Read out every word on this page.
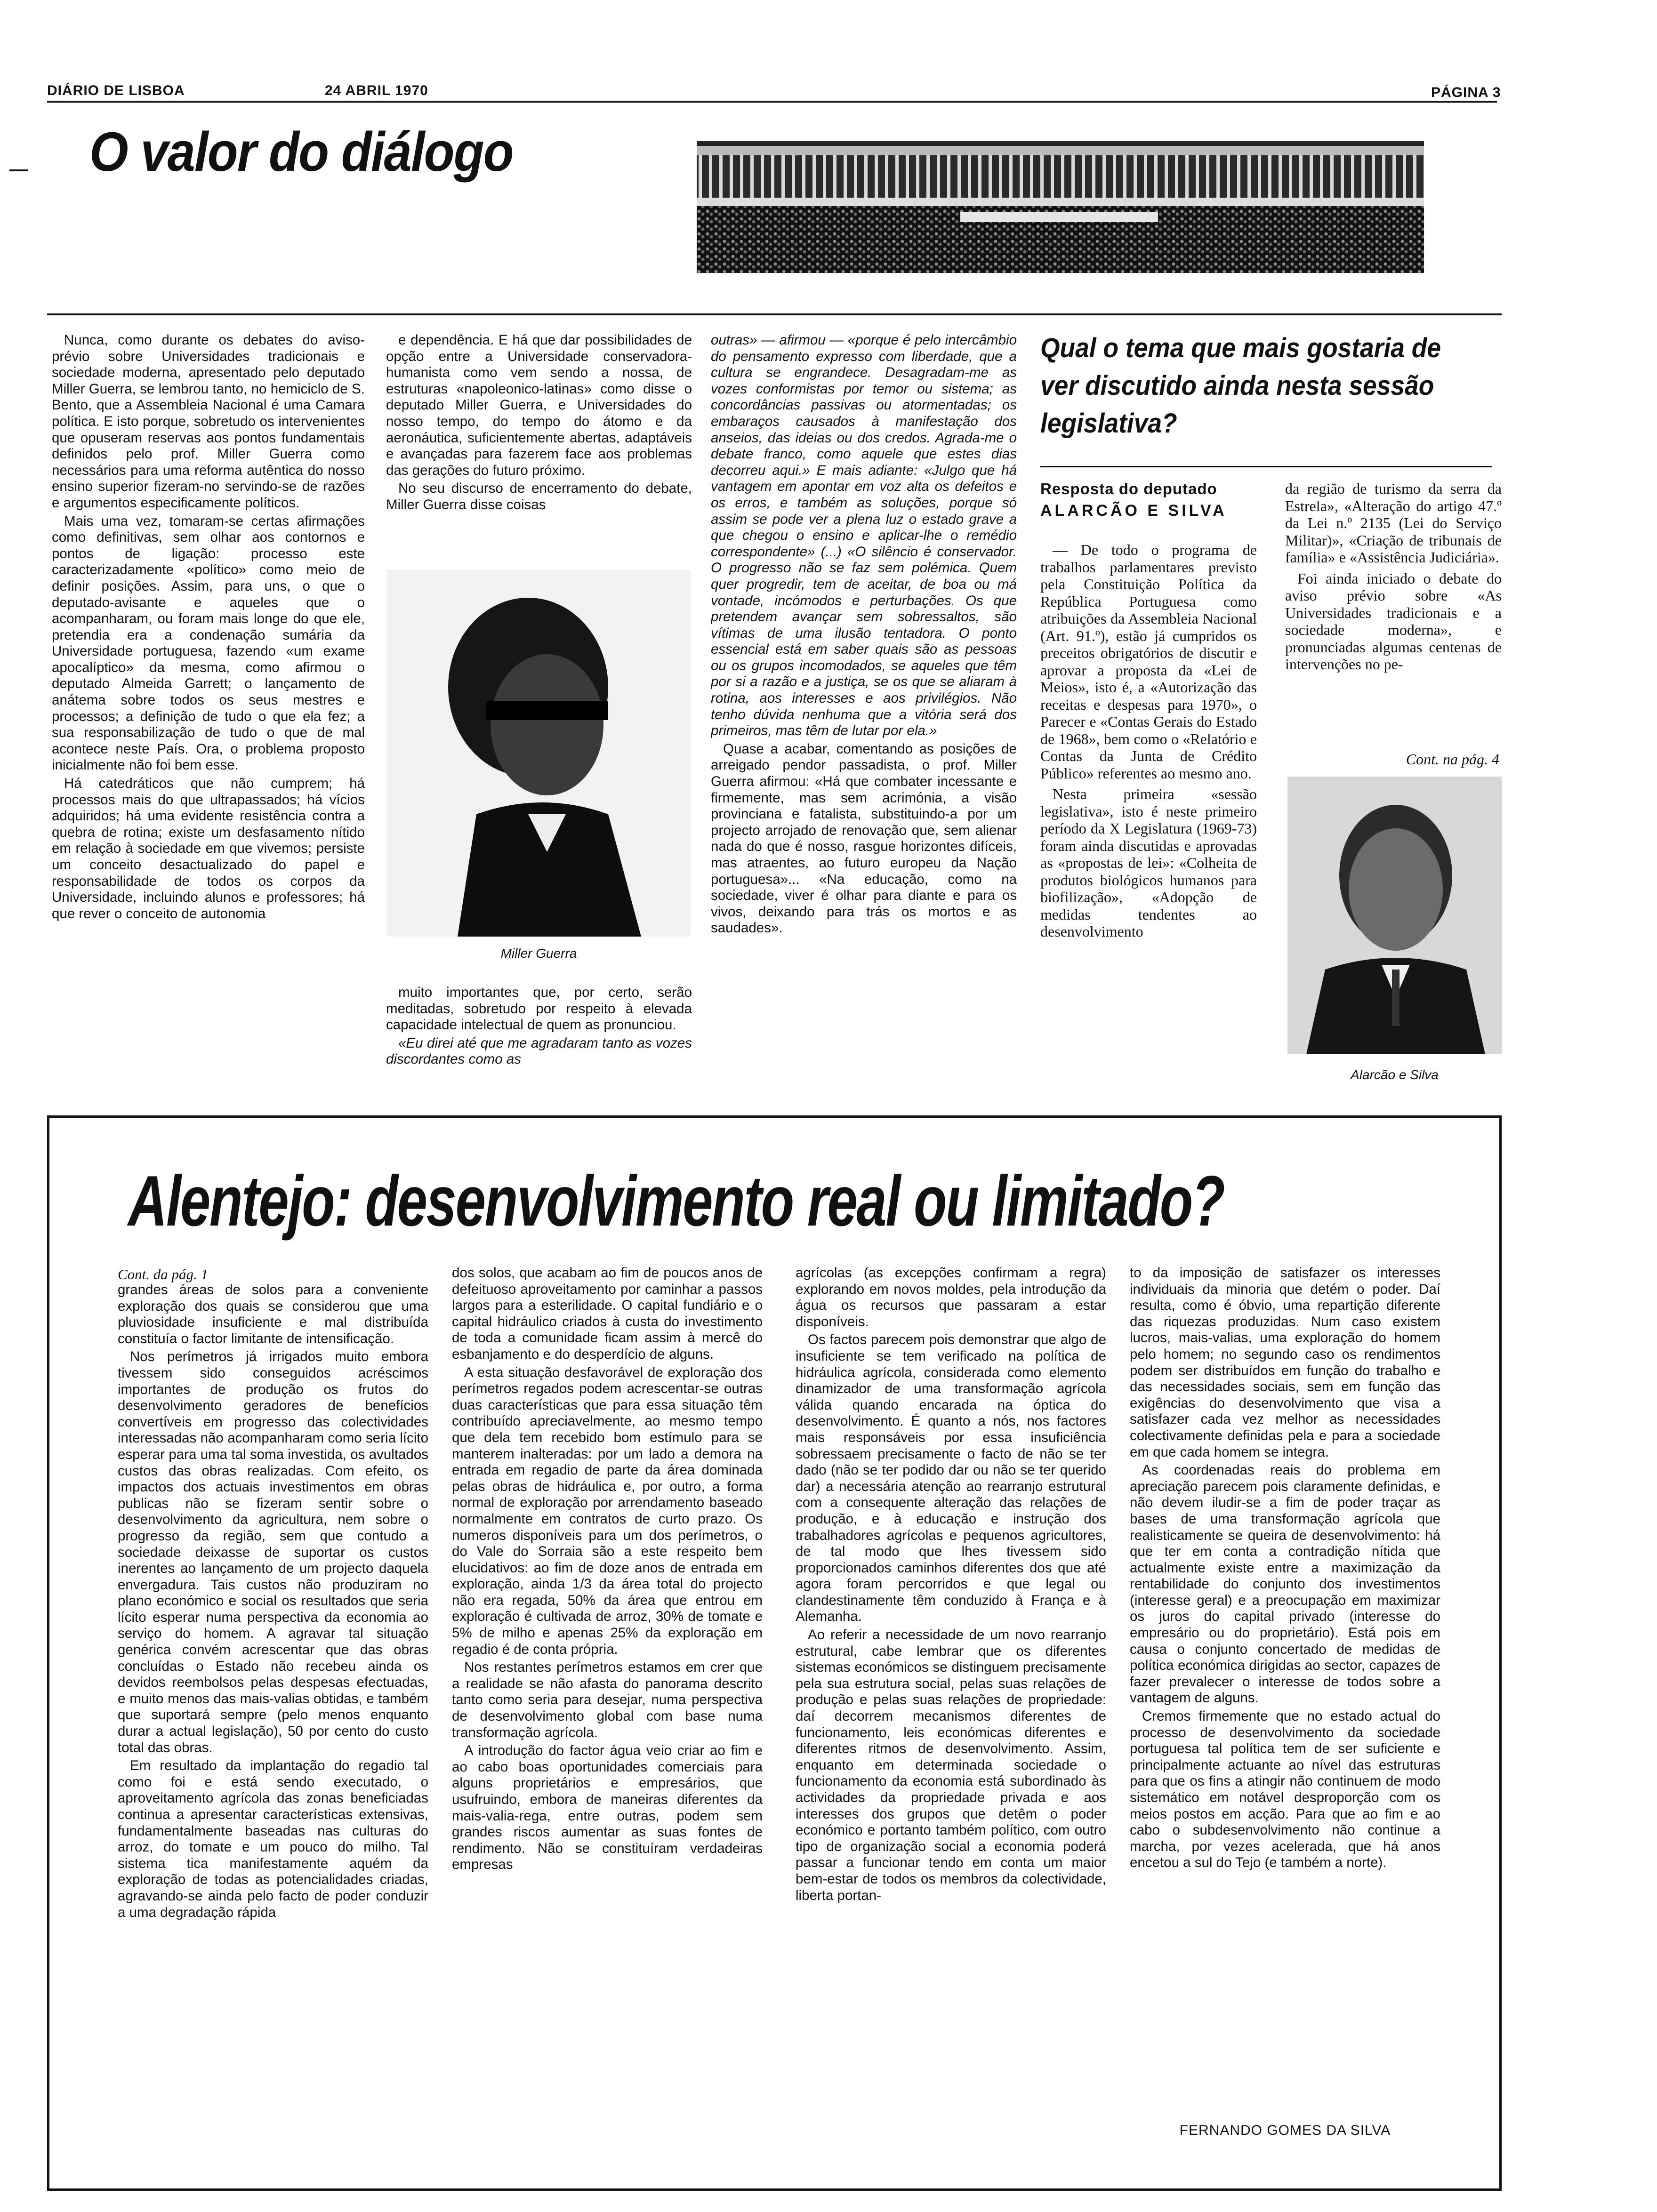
DIÁRIO DE LISBOA	24 ABRIL 1970	PÁGINA 3
O valor do diálogo

Nunca, como durante os debates do aviso-prévio sobre Universidades tradicionais e sociedade moderna, apresentado pelo deputado Miller Guerra, se lembrou tanto, no hemiciclo de S. Bento, que a Assembleia Nacional é uma Camara política. E isto porque, sobretudo os intervenientes que opuseram reservas aos pontos fundamentais definidos pelo prof. Miller Guerra como necessários para uma reforma autêntica do nosso ensino superior fizeram-no servindo-se de razões e argumentos especificamente políticos.

Mais uma vez, tomaram-se certas afirmações como definitivas, sem olhar aos contornos e pontos de ligação: processo este caracterizadamente «político» como meio de definir posições. Assim, para uns, o que o deputado-avisante e aqueles que o acompanharam, ou foram mais longe do que ele, pretendia era a condenação sumária da Universidade portuguesa, fazendo «um exame apocalíptico» da mesma, como afirmou o deputado Almeida Garrett; o lançamento de anátema sobre todos os seus mestres e processos; a definição de tudo o que ela fez; a sua responsabilização de tudo o que de mal acontece neste País. Ora, o problema proposto inicialmente não foi bem esse.

Há catedráticos que não cumprem; há processos mais do que ultrapassados; há vícios adquiridos; há uma evidente resistência contra a quebra de rotina; existe um desfasamento nítido em relação à sociedade em que vivemos; persiste um conceito desactualizado do papel e responsabilidade de todos os corpos da Universidade, incluindo alunos e professores; há que rever o conceito de autonomia

e dependência. E há que dar possibilidades de opção entre a Universidade conservadora-humanista como vem sendo a nossa, de estruturas «napoleonico-latinas» como disse o deputado Miller Guerra, e Universidades do nosso tempo, do tempo do átomo e da aeronáutica, suficientemente abertas, adaptáveis e avançadas para fazerem face aos problemas das gerações do futuro próximo.

No seu discurso de encerramento do debate, Miller Guerra disse coisas

Miller Guerra

muito importantes que, por certo, serão meditadas, sobretudo por respeito à elevada capacidade intelectual de quem as pronunciou.

«Eu direi até que me agradaram tanto as vozes discordantes como as

outras» — afirmou — «porque é pelo intercâmbio do pensamento expresso com liberdade, que a cultura se engrandece. Desagradam-me as vozes conformistas por temor ou sistema; as concordâncias passivas ou atormentadas; os embaraços causados à manifestação dos anseios, das ideias ou dos credos. Agrada-me o debate franco, como aquele que estes dias decorreu aqui.» E mais adiante: «Julgo que há vantagem em apontar em voz alta os defeitos e os erros, e também as soluções, porque só assim se pode ver a plena luz o estado grave a que chegou o ensino e aplicar-lhe o remédio correspondente» (...) «O silêncio é conservador. O progresso não se faz sem polémica. Quem quer progredir, tem de aceitar, de boa ou má vontade, incómodos e perturbações. Os que pretendem avançar sem sobressaltos, são vítimas de uma ilusão tentadora. O ponto essencial está em saber quais são as pessoas ou os grupos incomodados, se aqueles que têm por si a razão e a justiça, se os que se aliaram à rotina, aos interesses e aos privilégios. Não tenho dúvida nenhuma que a vitória será dos primeiros, mas têm de lutar por ela.»

Quase a acabar, comentando as posições de arreigado pendor passadista, o prof. Miller Guerra afirmou: «Há que combater incessante e firmemente, mas sem acrimónia, a visão provinciana e fatalista, substituindo-a por um projecto arrojado de renovação que, sem alienar nada do que é nosso, rasgue horizontes difíceis, mas atraentes, ao futuro europeu da Nação portuguesa»... «Na educação, como na sociedade, viver é olhar para diante e para os vivos, deixando para trás os mortos e as saudades».

Qual o tema que mais gostaria de ver discutido ainda nesta sessão legislativa?
Resposta do deputado
ALARCÃO E SILVA

— De todo o programa de trabalhos parlamentares previsto pela Constituição Política da República Portuguesa como atribuições da Assembleia Nacional (Art. 91.º), estão já cumpridos os preceitos obrigatórios de discutir e aprovar a proposta da «Lei de Meios», isto é, a «Autorização das receitas e despesas para 1970», o Parecer e «Contas Gerais do Estado de 1968», bem como o «Relatório e Contas da Junta de Crédito Público» referentes ao mesmo ano.

Nesta primeira «sessão legislativa», isto é neste primeiro período da X Legislatura (1969-73) foram ainda discutidas e aprovadas as «propostas de lei»: «Colheita de produtos biológicos humanos para biofilização», «Adopção de medidas tendentes ao desenvolvimento

da região de turismo da serra da Estrela», «Alteração do artigo 47.º da Lei n.º 2135 (Lei do Serviço Militar)», «Criação de tribunais de família» e «Assistência Judiciária».

Foi ainda iniciado o debate do aviso prévio sobre «As Universidades tradicionais e a sociedade moderna», e pronunciadas algumas centenas de intervenções no pe-

Cont. na pág. 4
Alarcão e Silva
Alentejo: desenvolvimento real ou limitado?
Cont. da pág. 1

grandes áreas de solos para a conveniente exploração dos quais se considerou que uma pluviosidade insuficiente e mal distribuída constituía o factor limitante de intensificação.

Nos perímetros já irrigados muito embora tivessem sido conseguidos acréscimos importantes de produção os frutos do desenvolvimento geradores de benefícios convertíveis em progresso das colectividades interessadas não acompanharam como seria lícito esperar para uma tal soma investida, os avultados custos das obras realizadas. Com efeito, os impactos dos actuais investimentos em obras publicas não se fizeram sentir sobre o desenvolvimento da agricultura, nem sobre o progresso da região, sem que contudo a sociedade deixasse de suportar os custos inerentes ao lançamento de um projecto daquela envergadura. Tais custos não produziram no plano económico e social os resultados que seria lícito esperar numa perspectiva da economia ao serviço do homem. A agravar tal situação genérica convém acrescentar que das obras concluídas o Estado não recebeu ainda os devidos reembolsos pelas despesas efectuadas, e muito menos das mais-valias obtidas, e também que suportará sempre (pelo menos enquanto durar a actual legislação), 50 por cento do custo total das obras.

Em resultado da implantação do regadio tal como foi e está sendo executado, o aproveitamento agrícola das zonas beneficiadas continua a apresentar características extensivas, fundamentalmente baseadas nas culturas do arroz, do tomate e um pouco do milho. Tal sistema tica manifestamente aquém da exploração de todas as potencialidades criadas, agravando-se ainda pelo facto de poder conduzir a uma degradação rápida

dos solos, que acabam ao fim de poucos anos de defeituoso aproveitamento por caminhar a passos largos para a esterilidade. O capital fundiário e o capital hidráulico criados à custa do investimento de toda a comunidade ficam assim à mercê do esbanjamento e do desperdício de alguns.

A esta situação desfavorável de exploração dos perímetros regados podem acrescentar-se outras duas características que para essa situação têm contribuído apreciavelmente, ao mesmo tempo que dela tem recebido bom estímulo para se manterem inalteradas: por um lado a demora na entrada em regadio de parte da área dominada pelas obras de hidráulica e, por outro, a forma normal de exploração por arrendamento baseado normalmente em contratos de curto prazo. Os numeros disponíveis para um dos perímetros, o do Vale do Sorraia são a este respeito bem elucidativos: ao fim de doze anos de entrada em exploração, ainda 1/3 da área total do projecto não era regada, 50% da área que entrou em exploração é cultivada de arroz, 30% de tomate e 5% de milho e apenas 25% da exploração em regadio é de conta própria.

Nos restantes perímetros estamos em crer que a realidade se não afasta do panorama descrito tanto como seria para desejar, numa perspectiva de desenvolvimento global com base numa transformação agrícola.

A introdução do factor água veio criar ao fim e ao cabo boas oportunidades comerciais para alguns proprietários e empresários, que usufruindo, embora de maneiras diferentes da mais-valia-rega, entre outras, podem sem grandes riscos aumentar as suas fontes de rendimento. Não se constituíram verdadeiras empresas

agrícolas (as excepções confirmam a regra) explorando em novos moldes, pela introdução da água os recursos que passaram a estar disponíveis.

Os factos parecem pois demonstrar que algo de insuficiente se tem verificado na política de hidráulica agrícola, considerada como elemento dinamizador de uma transformação agrícola válida quando encarada na óptica do desenvolvimento. É quanto a nós, nos factores mais responsáveis por essa insuficiência sobressaem precisamente o facto de não se ter dado (não se ter podido dar ou não se ter querido dar) a necessária atenção ao rearranjo estrutural com a consequente alteração das relações de produção, e à educação e instrução dos trabalhadores agrícolas e pequenos agricultores, de tal modo que lhes tivessem sido proporcionados caminhos diferentes dos que até agora foram percorridos e que legal ou clandestinamente têm conduzido à França e à Alemanha.

Ao referir a necessidade de um novo rearranjo estrutural, cabe lembrar que os diferentes sistemas económicos se distinguem precisamente pela sua estrutura social, pelas suas relações de produção e pelas suas relações de propriedade: daí decorrem mecanismos diferentes de funcionamento, leis económicas diferentes e diferentes ritmos de desenvolvimento. Assim, enquanto em determinada sociedade o funcionamento da economia está subordinado às actividades da propriedade privada e aos interesses dos grupos que detêm o poder económico e portanto também político, com outro tipo de organização social a economia poderá passar a funcionar tendo em conta um maior bem-estar de todos os membros da colectividade, liberta portan-

to da imposição de satisfazer os interesses individuais da minoria que detém o poder. Daí resulta, como é óbvio, uma repartição diferente das riquezas produzidas. Num caso existem lucros, mais-valias, uma exploração do homem pelo homem; no segundo caso os rendimentos podem ser distribuídos em função do trabalho e das necessidades sociais, sem em função das exigências do desenvolvimento que visa a satisfazer cada vez melhor as necessidades colectivamente definidas pela e para a sociedade em que cada homem se integra.

As coordenadas reais do problema em apreciação parecem pois claramente definidas, e não devem iludir-se a fim de poder traçar as bases de uma transformação agrícola que realisticamente se queira de desenvolvimento: há que ter em conta a contradição nítida que actualmente existe entre a maximização da rentabilidade do conjunto dos investimentos (interesse geral) e a preocupação em maximizar os juros do capital privado (interesse do empresário ou do proprietário). Está pois em causa o conjunto concertado de medidas de política económica dirigidas ao sector, capazes de fazer prevalecer o interesse de todos sobre a vantagem de alguns.

Cremos firmemente que no estado actual do processo de desenvolvimento da sociedade portuguesa tal política tem de ser suficiente e principalmente actuante ao nível das estruturas para que os fins a atingir não continuem de modo sistemático em notável desproporção com os meios postos em acção. Para que ao fim e ao cabo o subdesenvolvimento não continue a marcha, por vezes acelerada, que há anos encetou a sul do Tejo (e também a norte).

FERNANDO GOMES DA SILVA
